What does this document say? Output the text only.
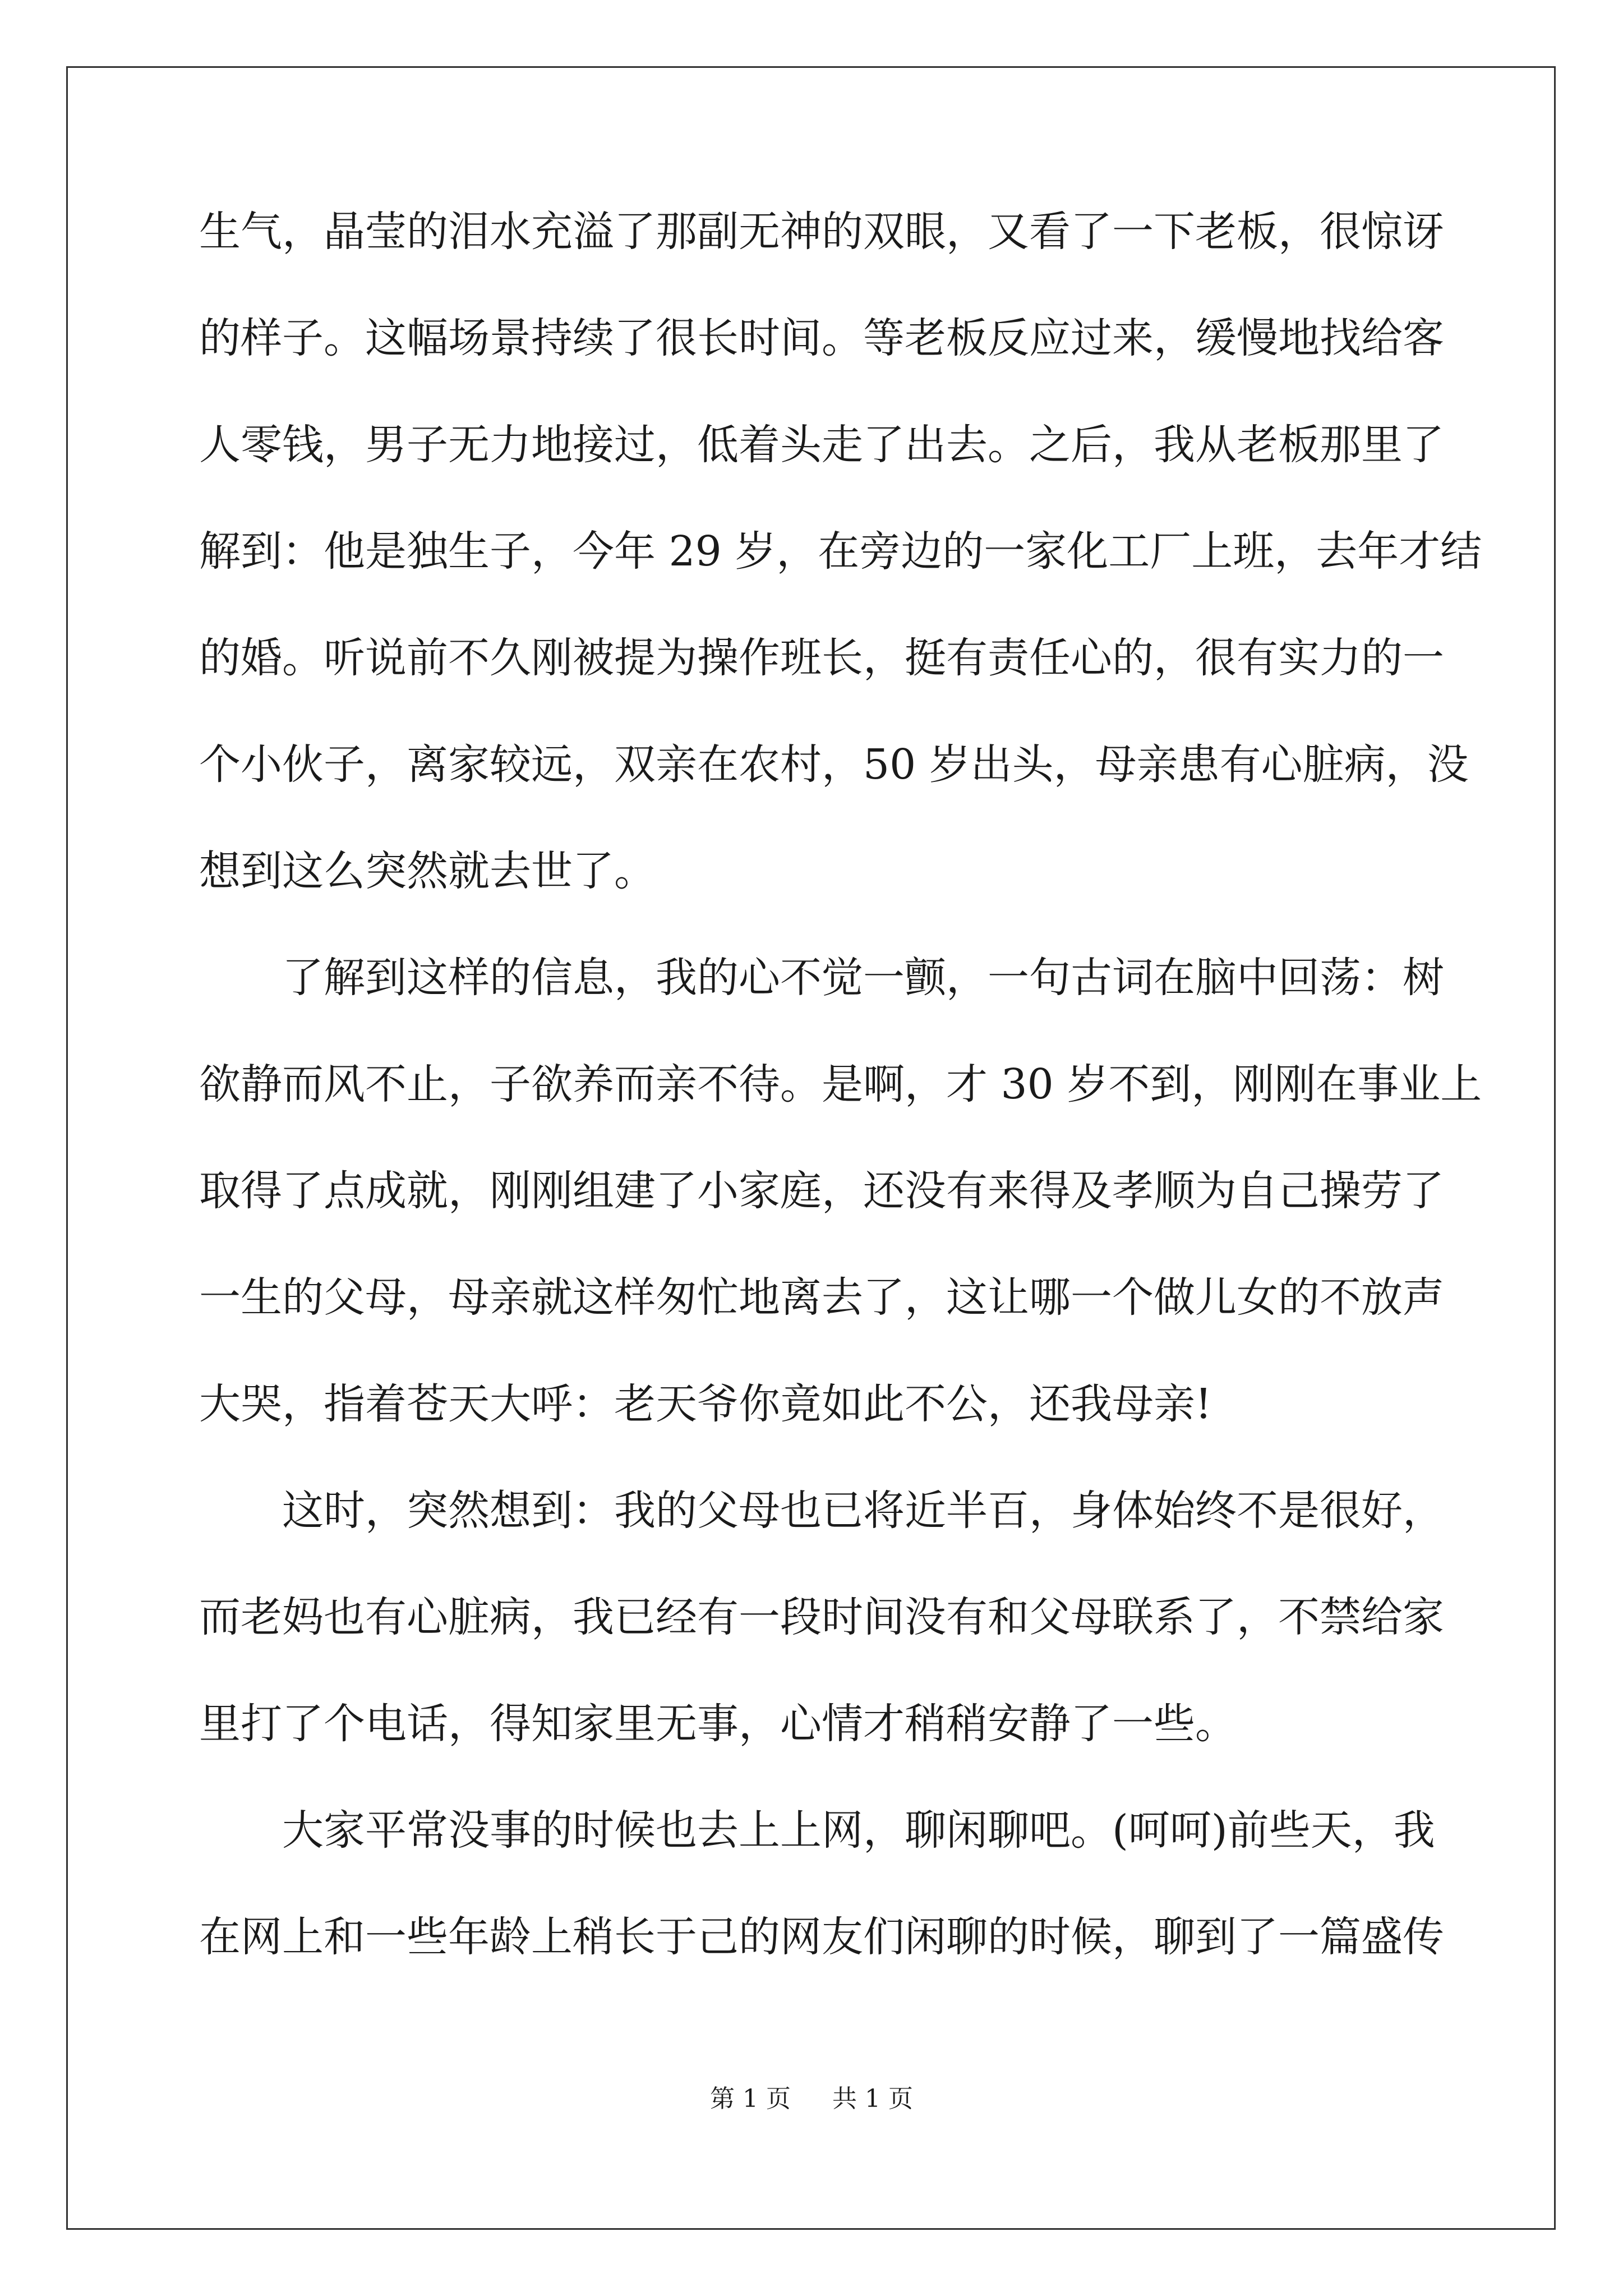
生气，晶莹的泪水充溢了那副无神的双眼，又看了一下老板，很惊讶
的样子。这幅场景持续了很长时间。等老板反应过来，缓慢地找给客
人零钱，男子无力地接过，低着头走了出去。之后，我从老板那里了
解到：他是独生子，今年 29 岁，在旁边的一家化工厂上班，去年才结
的婚。听说前不久刚被提为操作班长，挺有责任心的，很有实力的一
个小伙子，离家较远，双亲在农村，50 岁出头，母亲患有心脏病，没
想到这么突然就去世了。
了解到这样的信息，我的心不觉一颤，一句古词在脑中回荡：树
欲静而风不止，子欲养而亲不待。是啊，才 30 岁不到，刚刚在事业上
取得了点成就，刚刚组建了小家庭，还没有来得及孝顺为自己操劳了
一生的父母，母亲就这样匆忙地离去了，这让哪一个做儿女的不放声
大哭，指着苍天大呼：老天爷你竟如此不公，还我母亲!
这时，突然想到：我的父母也已将近半百，身体始终不是很好，
而老妈也有心脏病，我已经有一段时间没有和父母联系了，不禁给家
里打了个电话，得知家里无事，心情才稍稍安静了一些。
大家平常没事的时候也去上上网，聊闲聊吧。(呵呵)前些天，我
在网上和一些年龄上稍长于己的网友们闲聊的时候，聊到了一篇盛传
第 1 页 共 1 页
